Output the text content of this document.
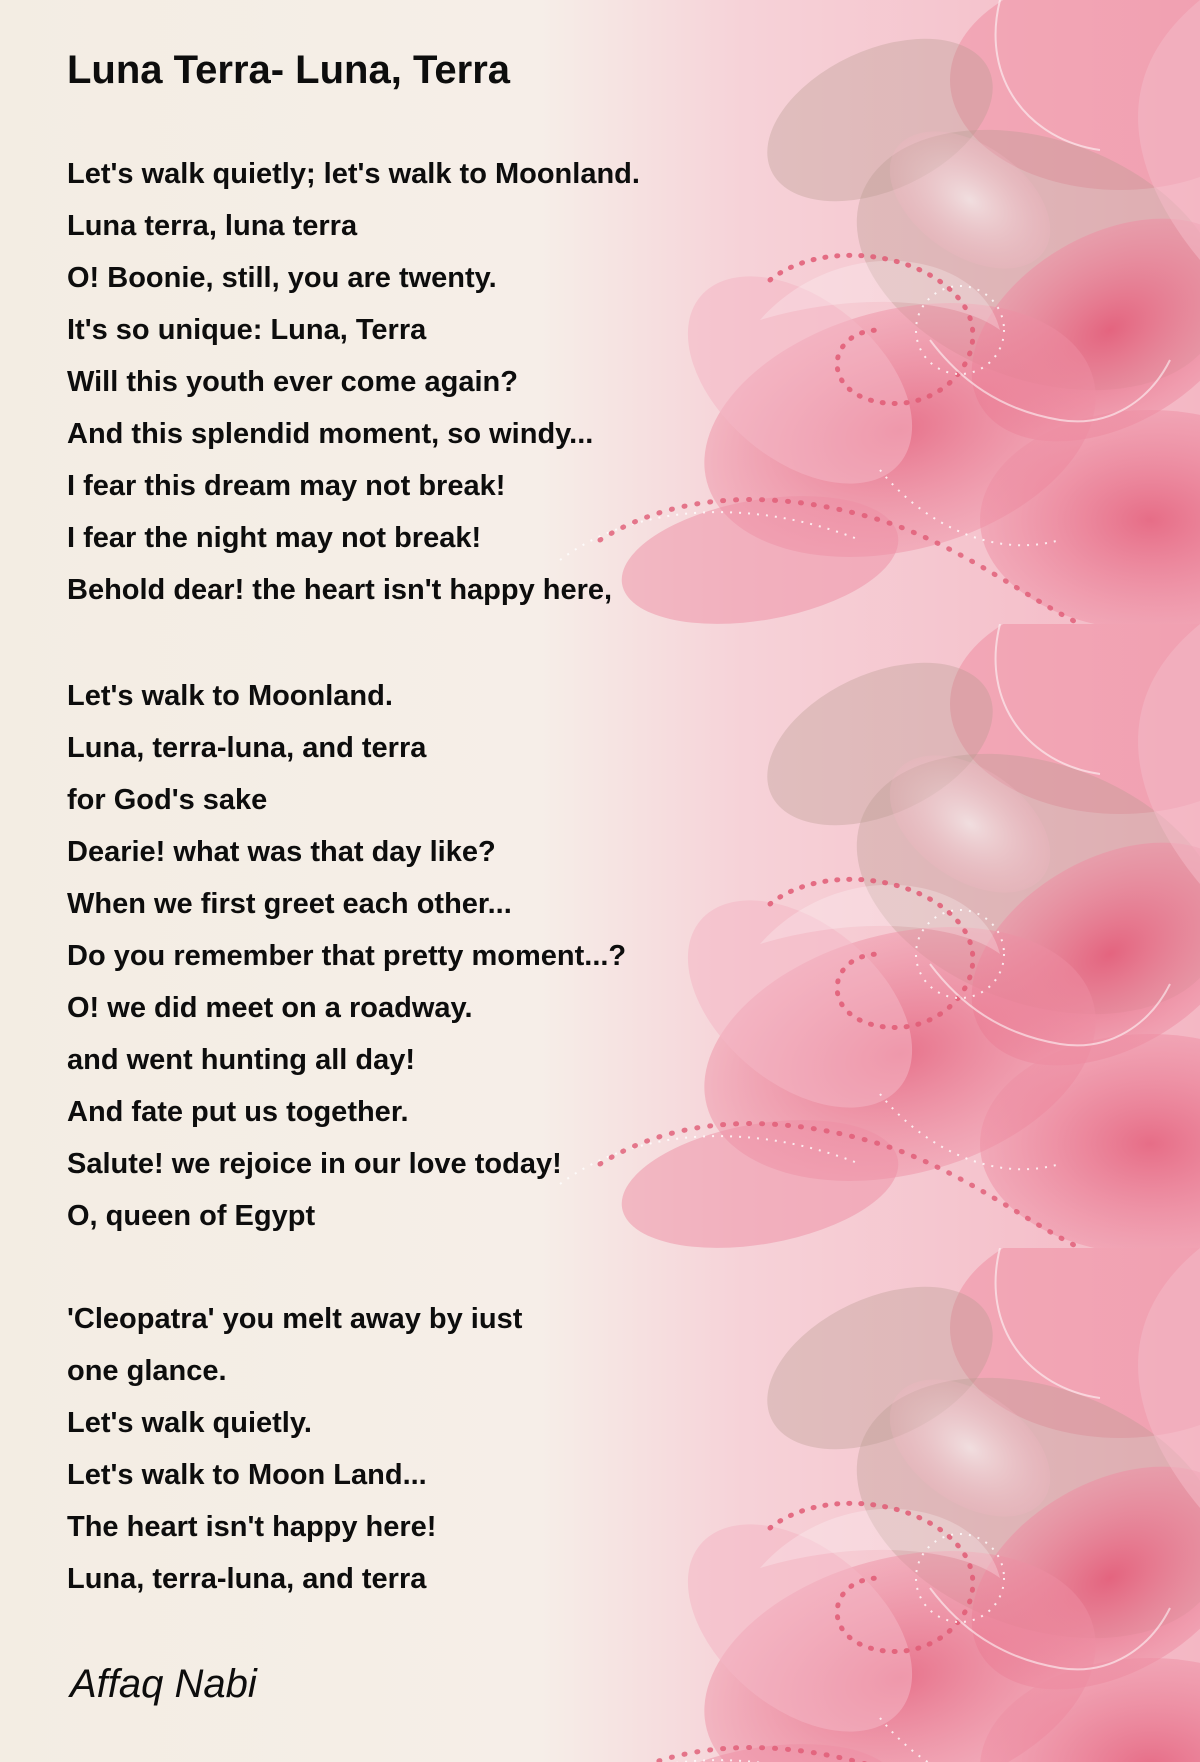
Luna Terra- Luna, Terra
Let's walk quietly; let's walk to Moonland.
Luna terra, luna terra
O! Boonie, still, you are twenty.
It's so unique: Luna, Terra
Will this youth ever come again?
And this splendid moment, so windy...
I fear this dream may not break!
I fear the night may not break!
Behold dear! the heart isn't happy here,
Let's walk to Moonland.
Luna, terra-luna, and terra
for God's sake
Dearie! what was that day like?
When we first greet each other...
Do you remember that pretty moment...?
O! we did meet on a roadway.
and went hunting all day!
And fate put us together.
Salute! we rejoice in our love today!
O, queen of Egypt
'Cleopatra' you melt away by iust
one glance.
Let's walk quietly.
Let's walk to Moon Land...
The heart isn't happy here!
Luna, terra-luna, and terra

Affaq Nabi
